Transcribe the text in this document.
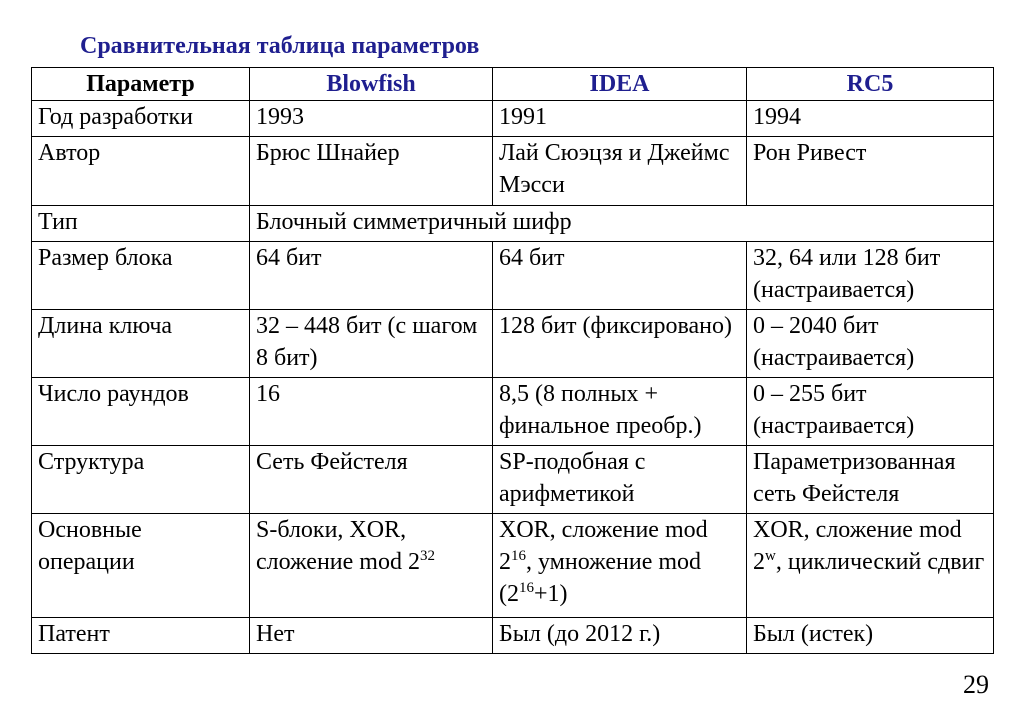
Сравнительная таблица параметров
Параметр	Blowfish	IDEA	RC5
Год разработки	1993	1991	1994
Автор	Брюс Шнайер	Лай Сюэцзя и Джеймс Мэсси	Рон Ривест
Тип	Блочный симметричный шифр		
Размер блока	64 бит	64 бит	32, 64 или 128 бит (настраивается)
Длина ключа	32 – 448 бит (с шагом 8 бит)	128 бит (фиксировано)	0 – 2040 бит (настраивается)
Число раундов	16	8,5 (8 полных + финальное преобр.)	0 – 255 бит (настраивается)
Структура	Сеть Фейстеля	SP-подобная с арифметикой	Параметризованная сеть Фейстеля
Основные операции	S-блоки, XOR, сложение mod $2^{32}$	XOR, сложение mod $2^{16}$, умножение mod $(2^{16}+1)$	XOR, сложение mod 2$^w$, циклический сдвиг
Патент	Нет	Был (до 2012 г.)	Был (истек)
29
